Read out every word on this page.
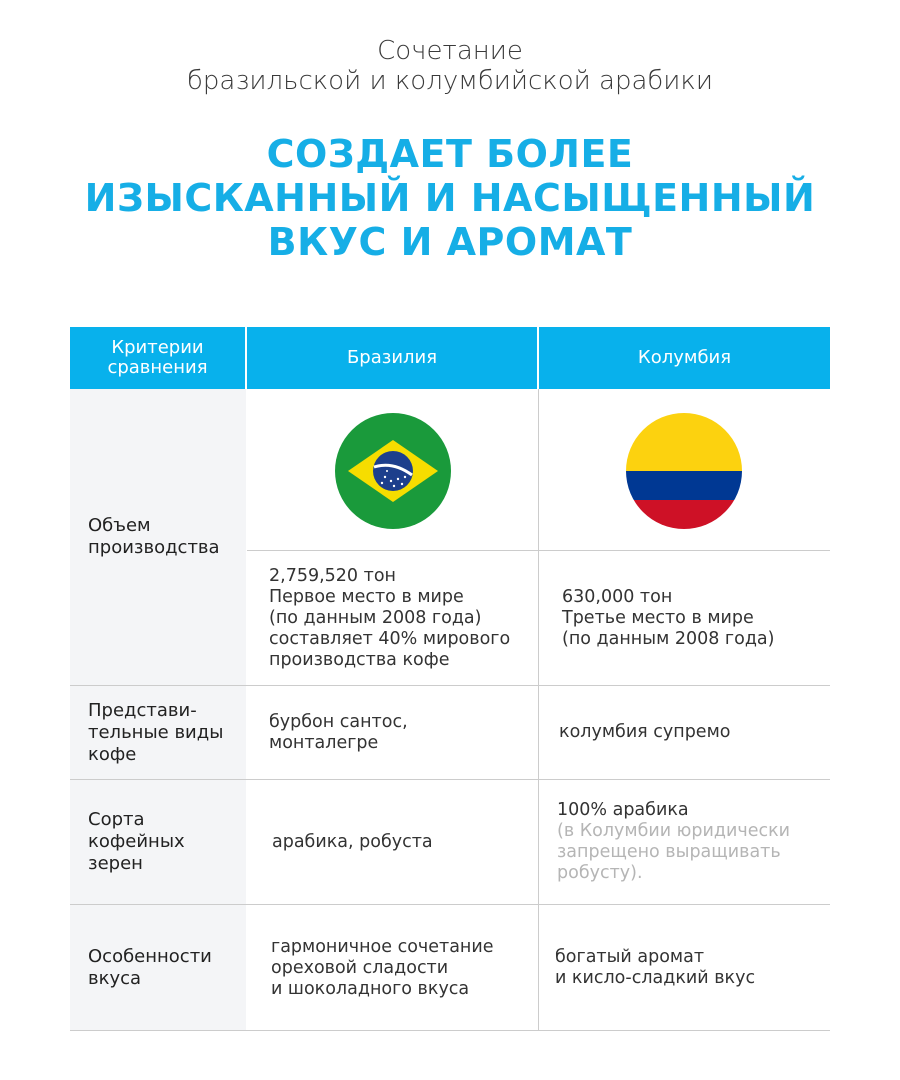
Сочетание
бразильской и колумбийской арабики
СОЗДАЕТ БОЛЕЕ
ИЗЫСКАННЫЙ И НАСЫЩЕННЫЙ
ВКУС И АРОМАТ
Критерии
сравнения	Бразилия	Колумбия
Объем
производства
Представи-
тельные виды
кофе
Сорта
кофейных
зерен
Особенности
вкуса
2,759,520 тон
Первое место в мире
(по данным 2008 года)
составляет 40% мирового
производства кофе
630,000 тон
Третье место в мире
(по данным 2008 года)
бурбон сантос,
монталегре
колумбия супремо
арабика, робуста
100% арабика
(в Колумбии юридически
запрещено выращивать
робусту).
гармоничное сочетание
ореховой сладости
и шоколадного вкуса
богатый аромат
и кисло-сладкий вкус
